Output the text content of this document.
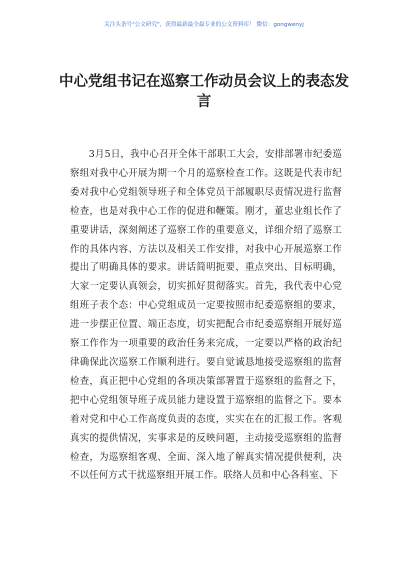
关注头条号"公文研究"，获得最新最全最专业的公文资料库！ 微信：gongwenyj
中心党组书记在巡察工作动员会议上的表态发言

3月5日，我中心召开全体干部职工大会，安排部署市纪委巡察组对我中心开展为期一个月的巡察检查工作。这既是代表市纪委对我中心党组领导班子和全体党员干部履职尽责情况进行监督检查，也是对我中心工作的促进和鞭策。刚才，董忠业组长作了重要讲话，深刻阐述了巡察工作的重要意义，详细介绍了巡察工作的具体内容、方法以及相关工作安排，对我中心开展巡察工作提出了明确具体的要求。讲话简明扼要、重点突出、目标明确，大家一定要认真领会，切实抓好贯彻落实。首先，我代表中心党组班子表个态：中心党组成员一定要按照市纪委巡察组的要求，进一步摆正位置、端正态度，切实把配合市纪委巡察组开展好巡察工作作为一项重要的政治任务来完成，一定要以严格的政治纪律确保此次巡察工作顺利进行。要自觉诚恳地接受巡察组的监督检查，真正把中心党组的各项决策部署置于巡察组的监督之下，把中心党组领导班子成员能力建设置于巡察组的监督之下。要本着对党和中心工作高度负责的态度，实实在在的汇报工作。客观真实的提供情况，实事求是的反映问题，主动接受巡察组的监督检查，为巡察组客观、全面、深入地了解真实情况提供便利，决不以任何方式干扰巡察组开展工作。联络人员和中心各科室、下
